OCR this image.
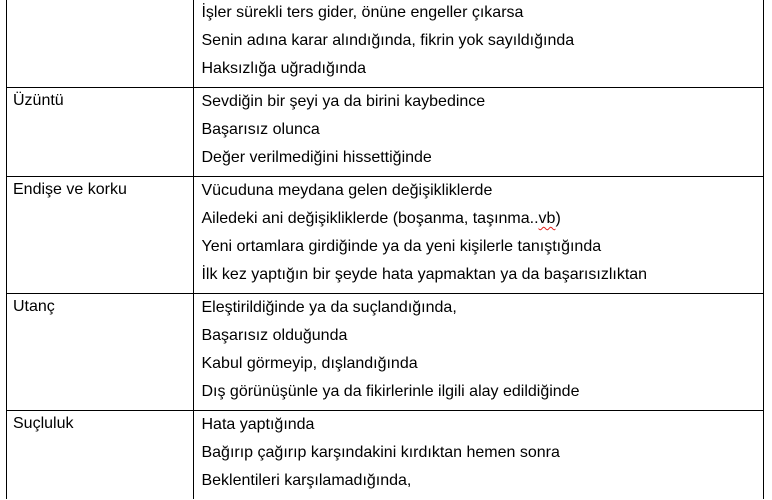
	İşler sürekli ters gider, önüne engeller çıkarsa
Senin adına karar alındığında, fikrin yok sayıldığında
Haksızlığa uğradığında

Üzüntü	Sevdiğin bir şeyi ya da birini kaybedince
Başarısız olunca
Değer verilmediğini hissettiğinde

Endişe ve korku	Vücuduna meydana gelen değişikliklerde
Ailedeki ani değişikliklerde (boşanma, taşınma..vb)
Yeni ortamlara girdiğinde ya da yeni kişilerle tanıştığında
İlk kez yaptığın bir şeyde hata yapmaktan ya da başarısızlıktan

Utanç	Eleştirildiğinde ya da suçlandığında,
Başarısız olduğunda
Kabul görmeyip, dışlandığında
Dış görünüşünle ya da fikirlerinle ilgili alay edildiğinde

Suçluluk	Hata yaptığında
Bağırıp çağırıp karşındakini kırdıktan hemen sonra
Beklentileri karşılamadığında,
